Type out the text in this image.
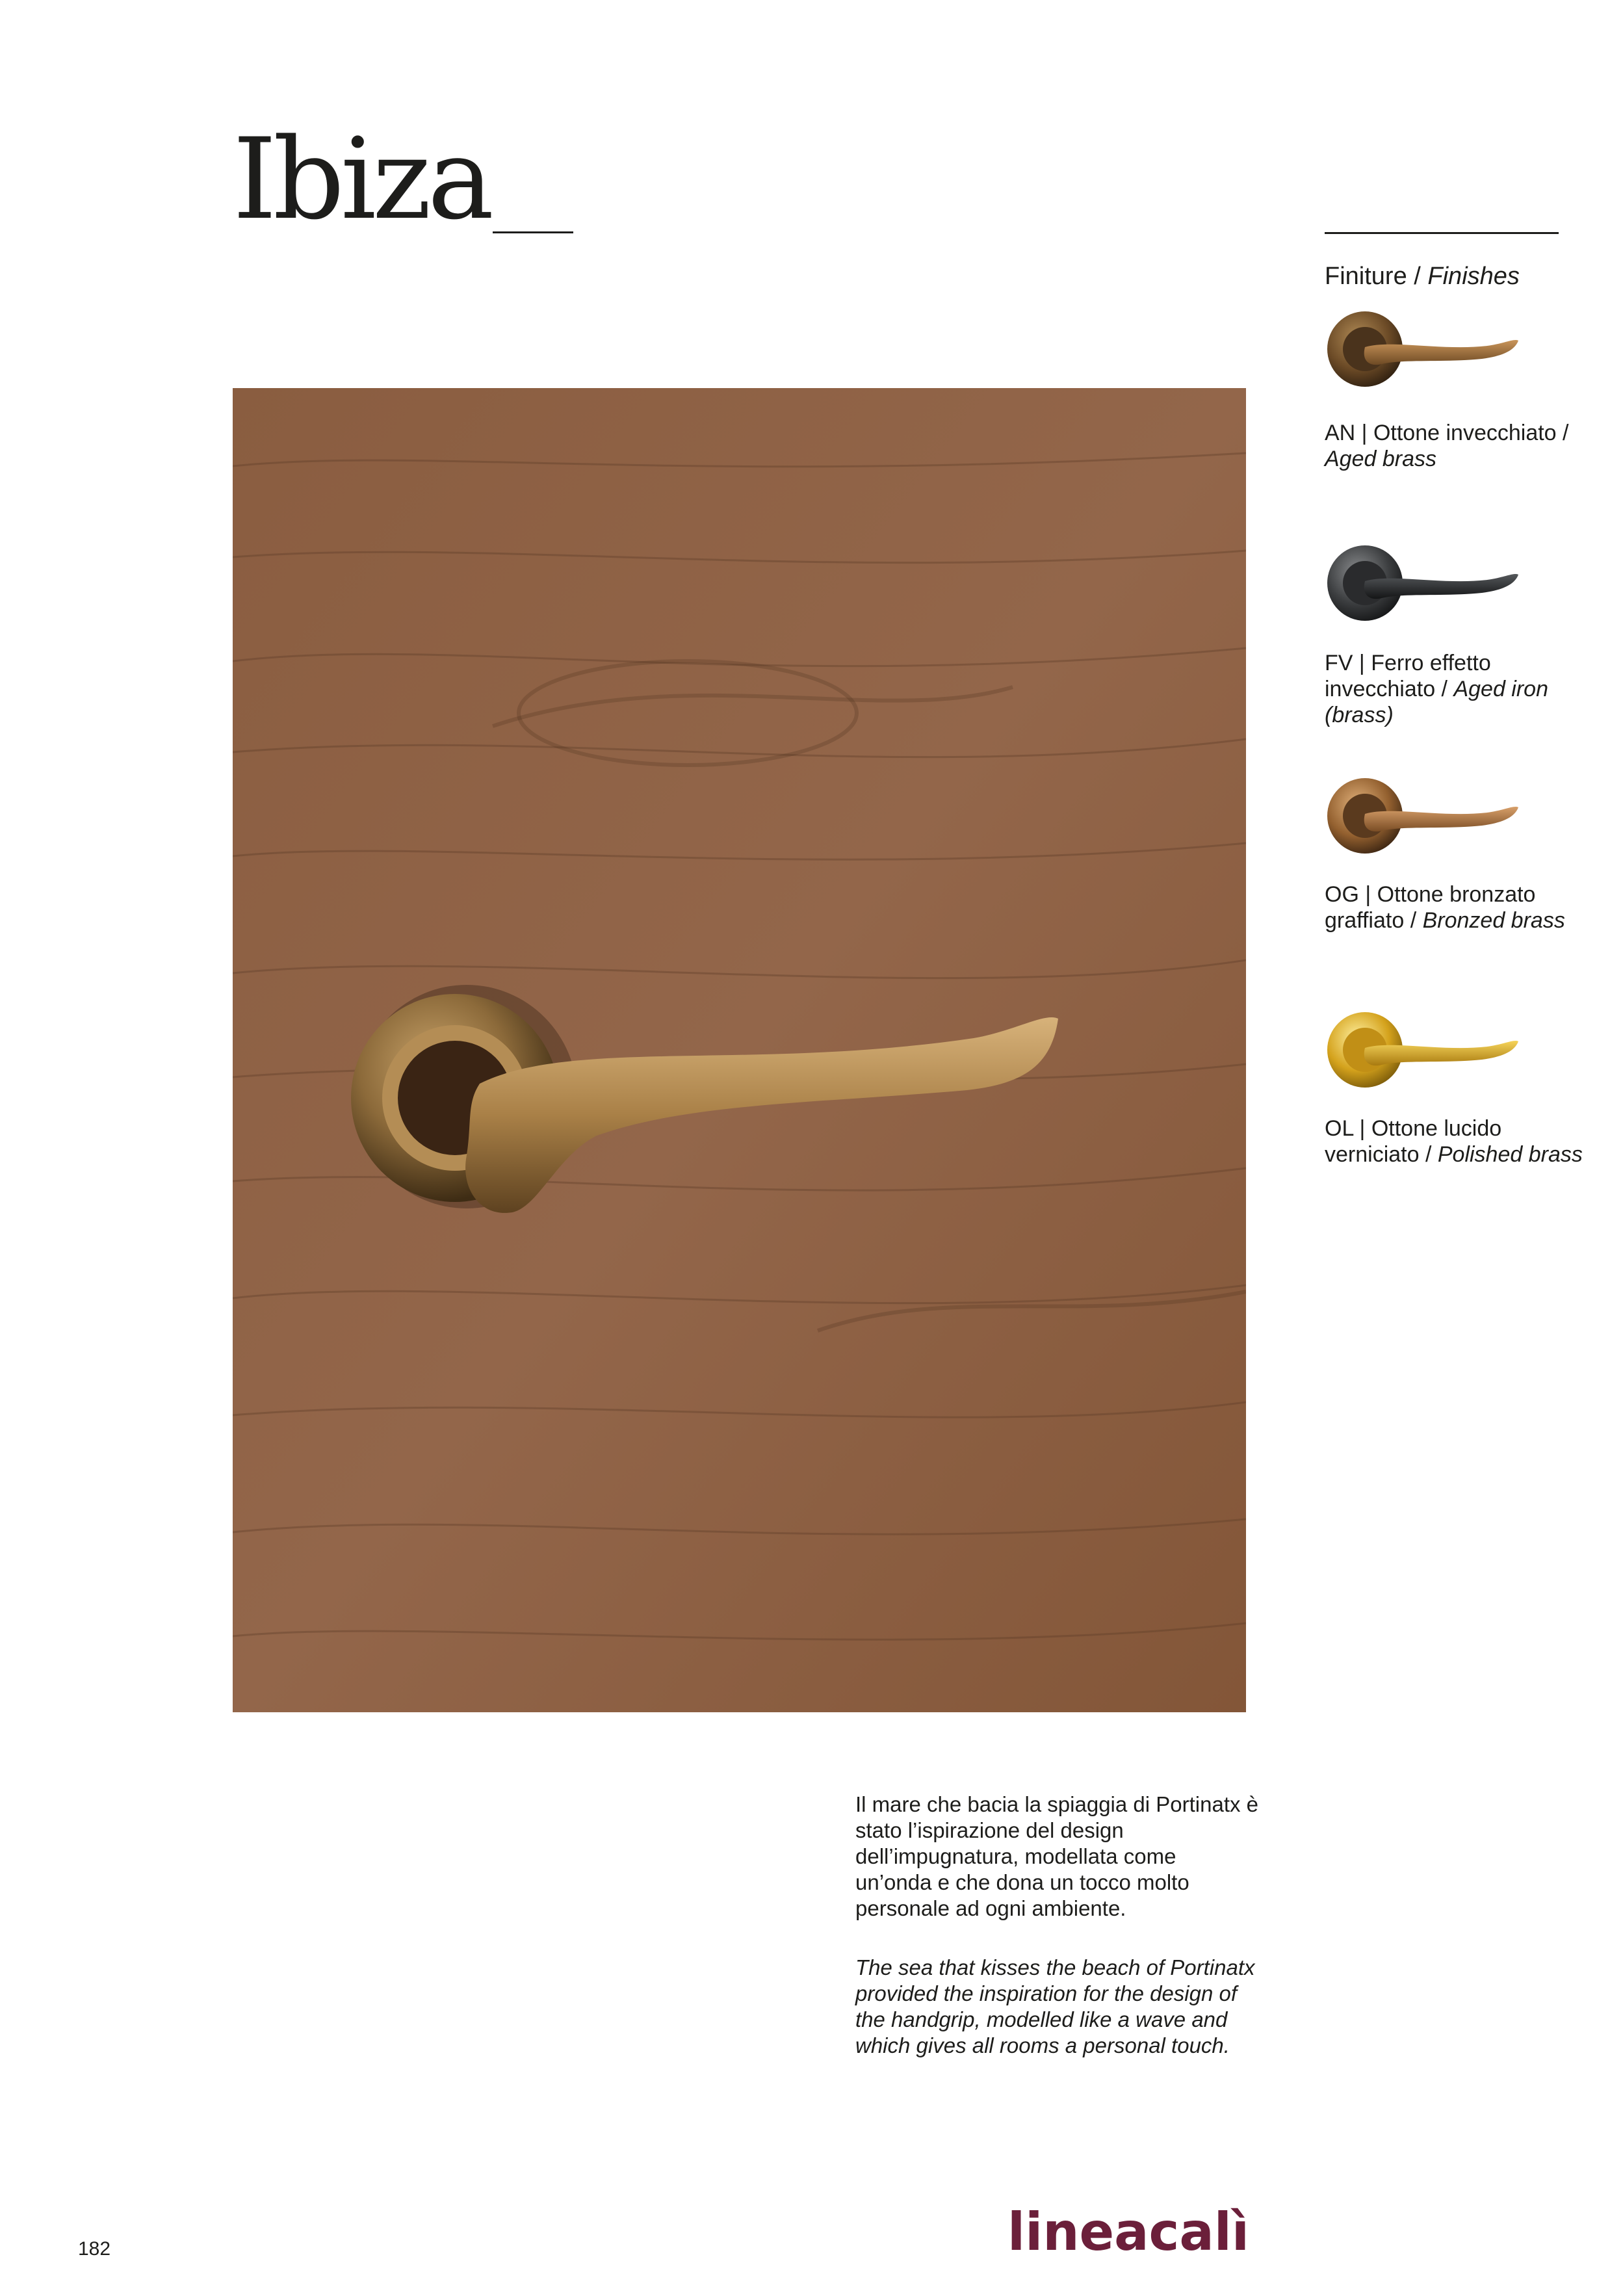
Ibiza
Finiture / Finishes
AN | Ottone invecchiato / Aged brass
FV | Ferro effetto invecchiato / Aged iron (brass)
OG | Ottone bronzato graffiato / Bronzed brass
OL | Ottone lucido verniciato / Polished brass

Il mare che bacia la spiaggia di Portinatx è stato l’ispirazione del design dell’impugnatura, modellata come un’onda e che dona un tocco molto personale ad ogni ambiente.

The sea that kisses the beach of Portinatx provided the inspiration for the design of the handgrip, modelled like a wave and which gives all rooms a personal touch.

182	lineacalì
